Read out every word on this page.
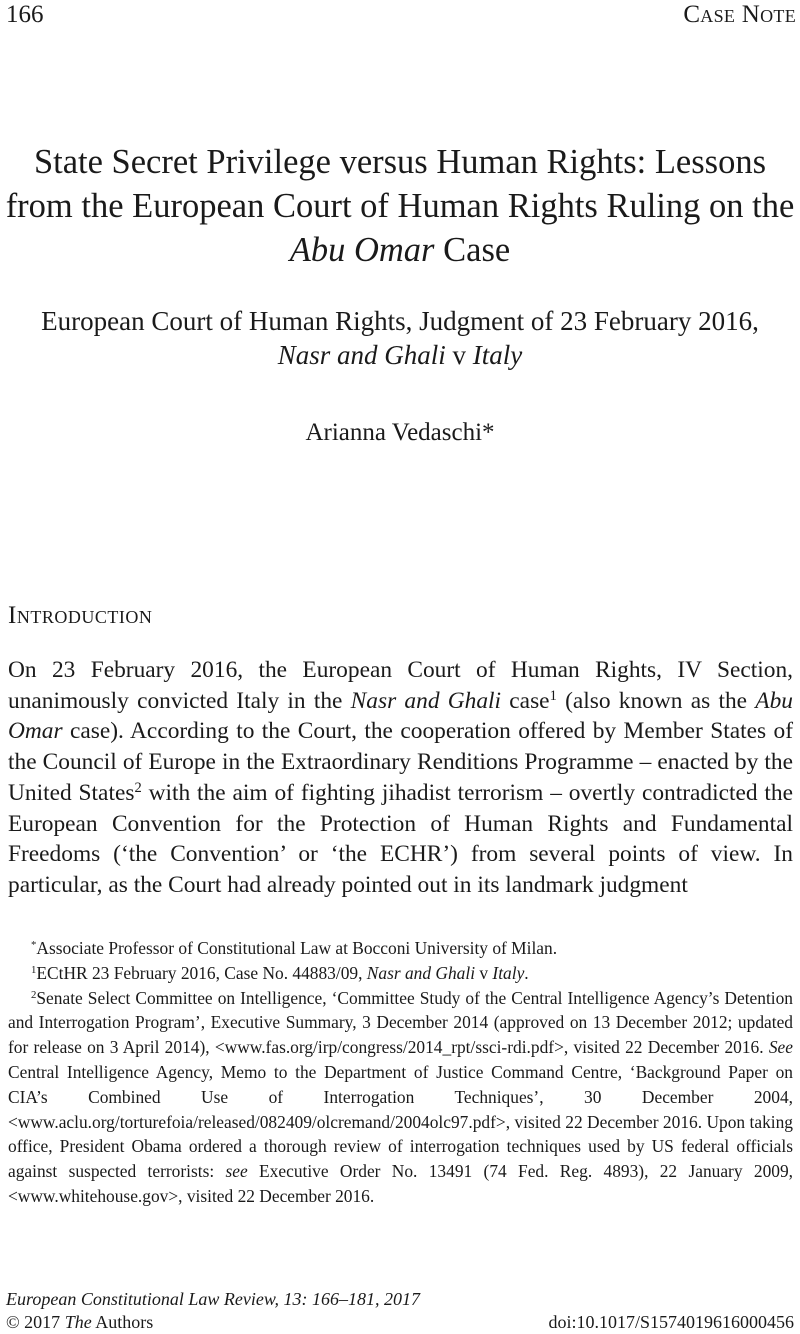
166	Case Note
State Secret Privilege versus Human Rights: Lessons from the European Court of Human Rights Ruling on the Abu Omar Case
European Court of Human Rights, Judgment of 23 February 2016,
Nasr and Ghali v Italy
Arianna Vedaschi*
Introduction

On 23 February 2016, the European Court of Human Rights, IV Section, unanimously convicted Italy in the Nasr and Ghali case$^1$ (also known as the Abu Omar case). According to the Court, the cooperation offered by Member States of the Council of Europe in the Extraordinary Renditions Programme – enacted by the United States$^2$ with the aim of fighting jihadist terrorism – overtly contradicted the European Convention for the Protection of Human Rights and Fundamental Freedoms (‘the Convention’ or ‘the ECHR’) from several points of view. In particular, as the Court had already pointed out in its landmark judgment

*Associate Professor of Constitutional Law at Bocconi University of Milan.

$^1$ECtHR 23 February 2016, Case No. 44883/09, Nasr and Ghali v Italy.

$^2$Senate Select Committee on Intelligence, ‘Committee Study of the Central Intelligence Agency’s Detention and Interrogation Program’, Executive Summary, 3 December 2014 (approved on 13 December 2012; updated for release on 3 April 2014), <www.fas.org/irp/congress/2014_rpt/ssci-rdi.pdf>, visited 22 December 2016. See Central Intelligence Agency, Memo to the Department of Justice Command Centre, ‘Background Paper on CIA’s Combined Use of Interrogation Techniques’, 30 December 2004, <www.aclu.org/torturefoia/released/082409/olcremand/2004olc97.pdf>, visited 22 December 2016. Upon taking office, President Obama ordered a thorough review of interrogation techniques used by US federal officials against suspected terrorists: see Executive Order No. 13491 (74 Fed. Reg. 4893), 22 January 2009, <www.whitehouse.gov>, visited 22 December 2016.

European Constitutional Law Review, 13: 166–181, 2017
© 2017 The Authors	doi:10.1017/S1574019616000456
